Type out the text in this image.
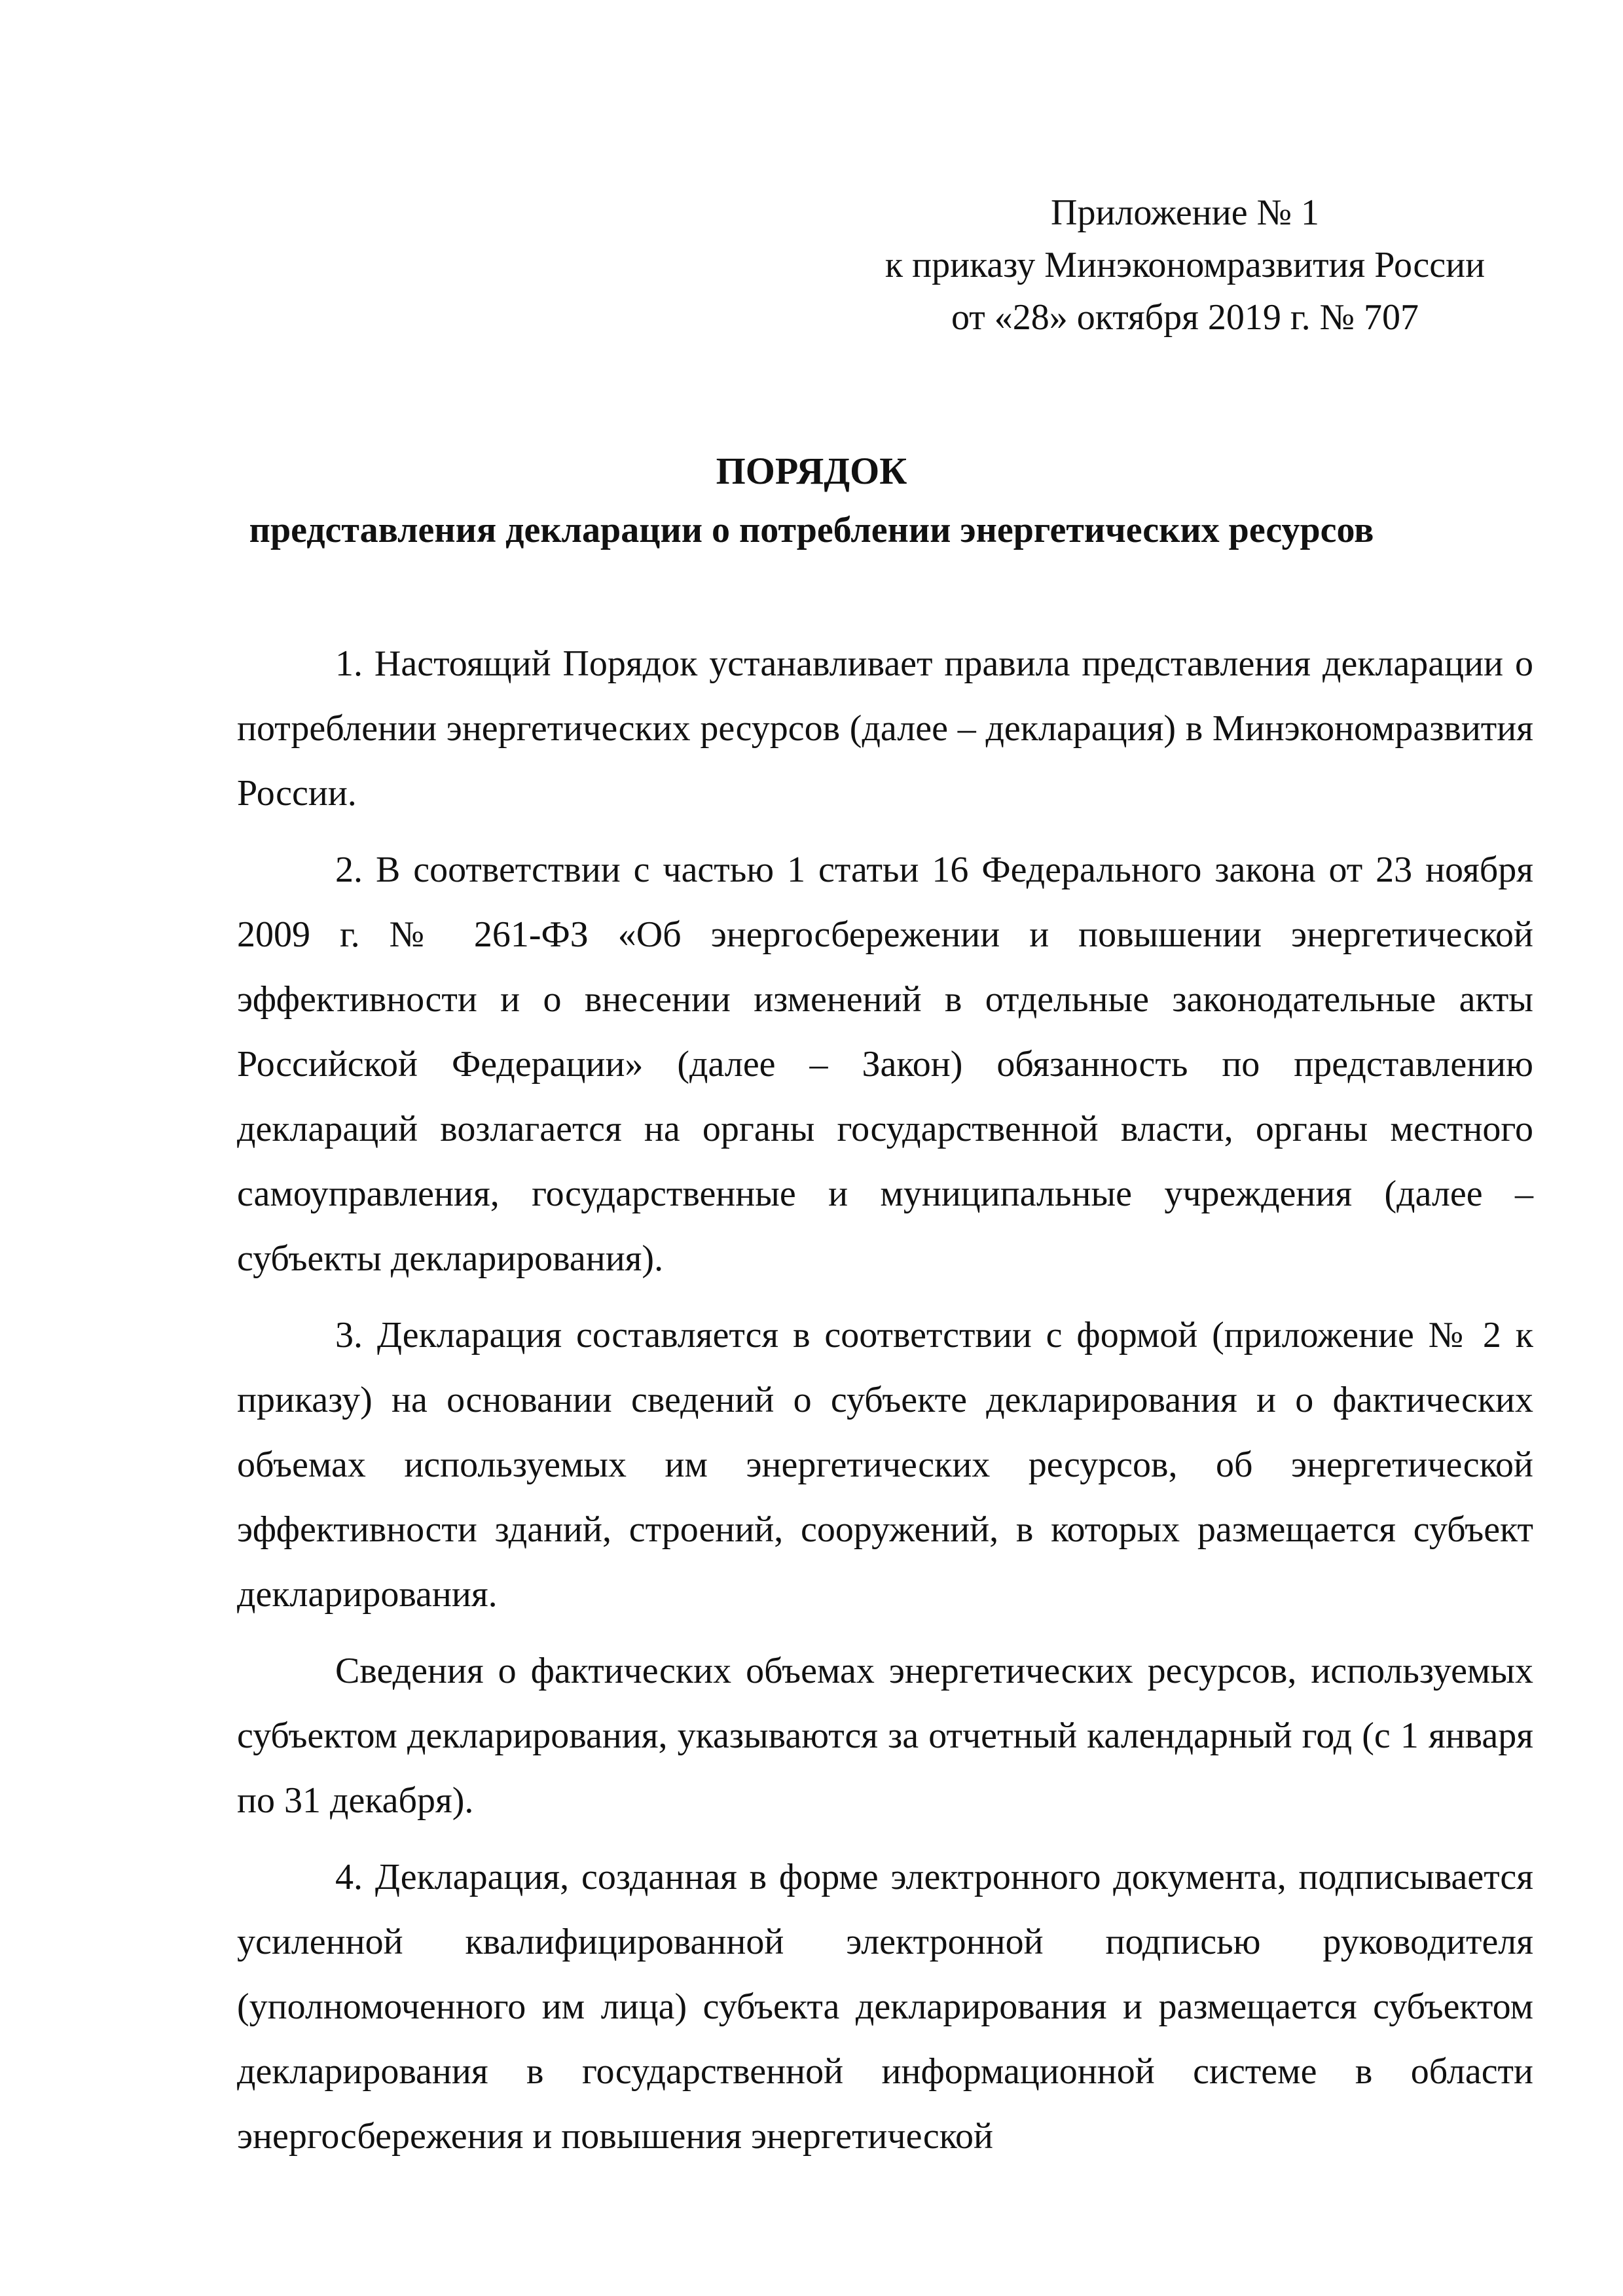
Приложение № 1
к приказу Минэкономразвития России
от «28» октября 2019 г. № 707
ПОРЯДОК
представления декларации о потреблении энергетических ресурсов

1. Настоящий Порядок устанавливает правила представления декларации о потреблении энергетических ресурсов (далее – декларация) в Минэкономразвития России.

2. В соответствии с частью 1 статьи 16 Федерального закона от 23 ноября 2009 г. № 261-ФЗ «Об энергосбережении и повышении энергетической эффективности и о внесении изменений в отдельные законодательные акты Российской Федерации» (далее – Закон) обязанность по представлению деклараций возлагается на органы государственной власти, органы местного самоуправления, государственные и муниципальные учреждения (далее – субъекты декларирования).

3. Декларация составляется в соответствии с формой (приложение № 2 к приказу) на основании сведений о субъекте декларирования и о фактических объемах используемых им энергетических ресурсов, об энергетической эффективности зданий, строений, сооружений, в которых размещается субъект декларирования.

Сведения о фактических объемах энергетических ресурсов, используемых субъектом декларирования, указываются за отчетный календарный год (с 1 января по 31 декабря).

4. Декларация, созданная в форме электронного документа, подписывается усиленной квалифицированной электронной подписью руководителя (уполномоченного им лица) субъекта декларирования и размещается субъектом декларирования в государственной информационной системе в области энергосбережения и повышения энергетической
